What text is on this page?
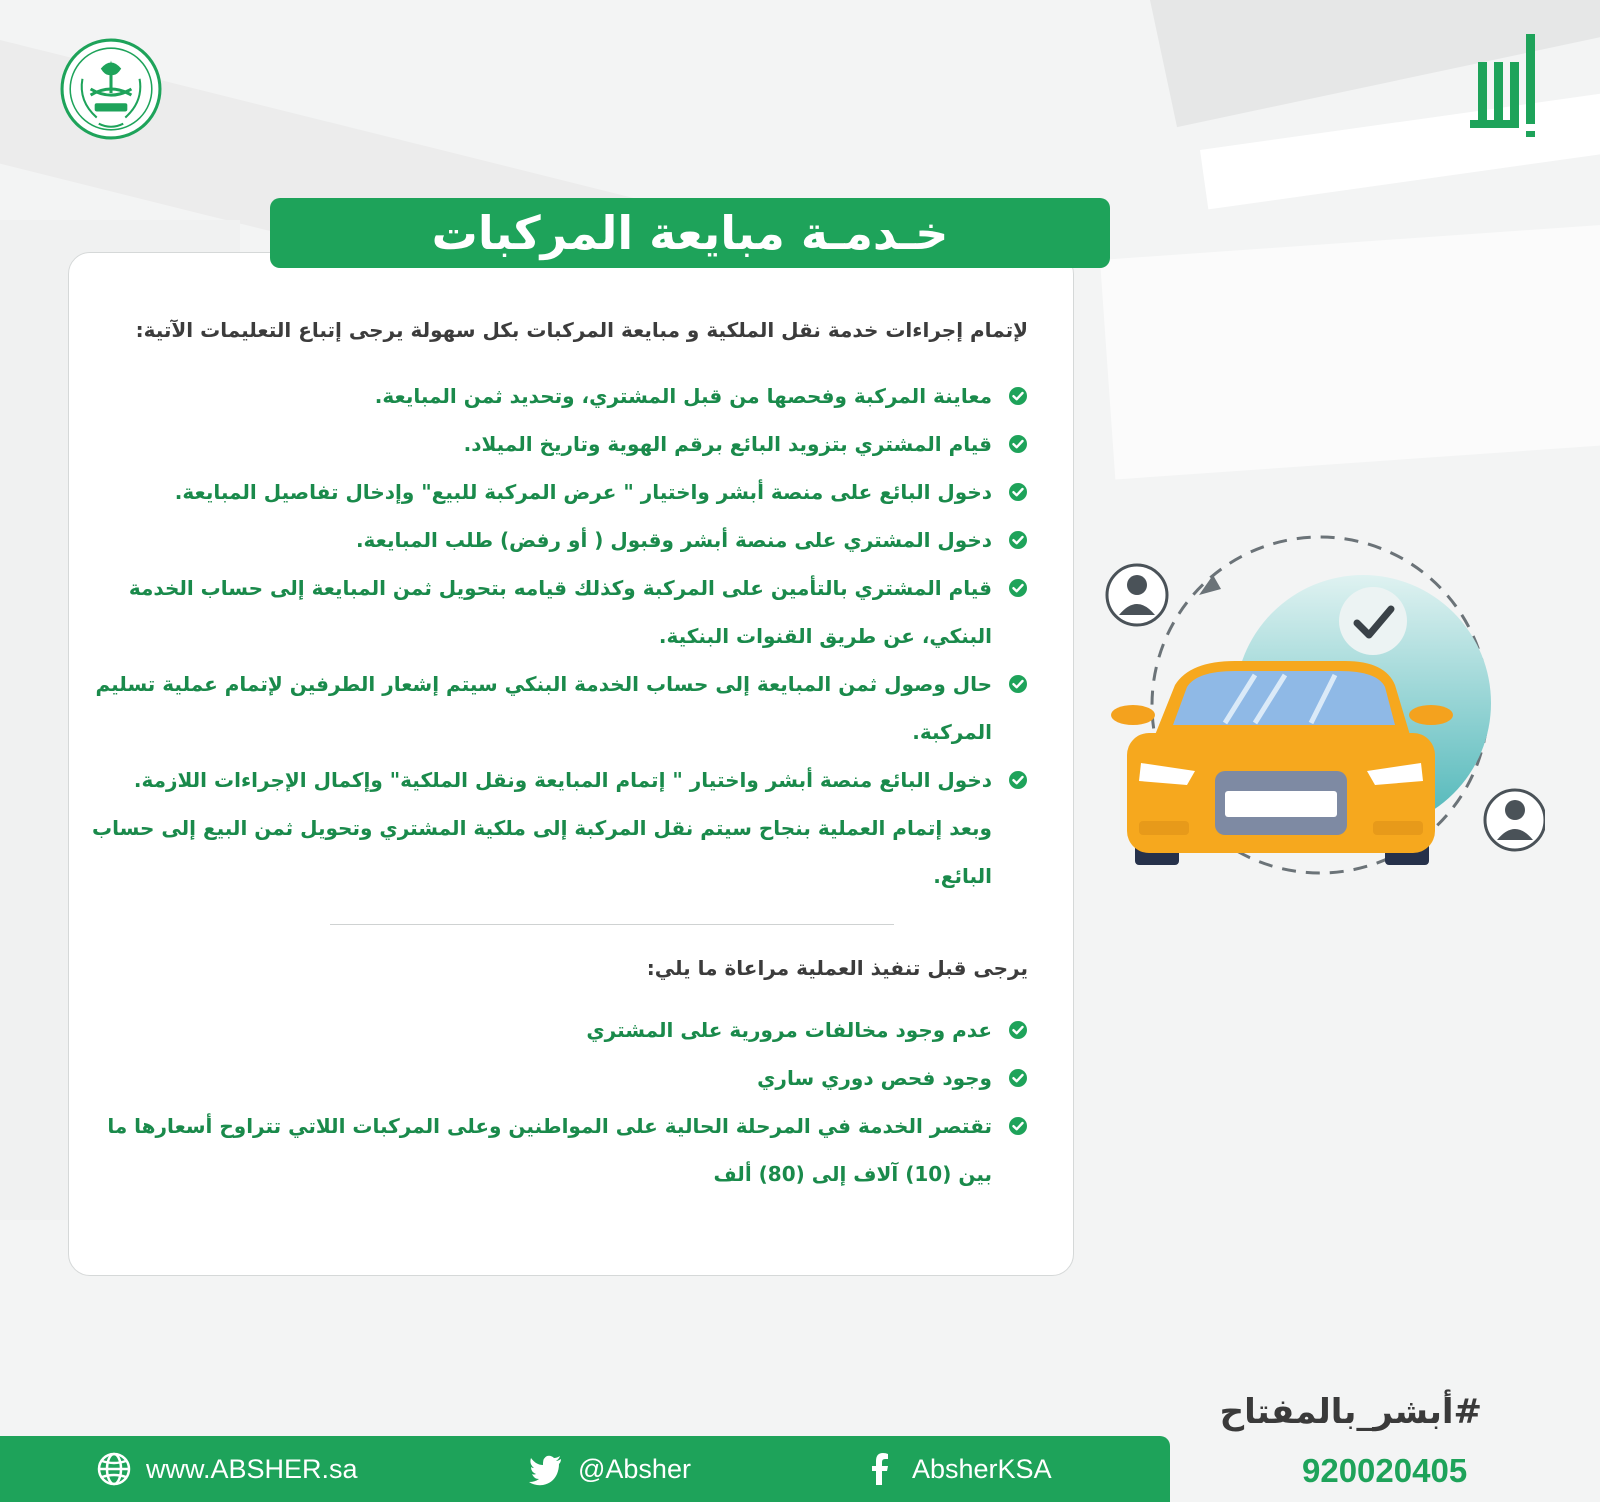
خـدمـة مبايعة المركبات
لإتمام إجراءات خدمة نقل الملكية و مبايعة المركبات بكل سهولة يرجى إتباع التعليمات الآتية:
معاينة المركبة وفحصها من قبل المشتري، وتحديد ثمن المبايعة.
قيام المشتري بتزويد البائع برقم الهوية وتاريخ الميلاد.
دخول البائع على منصة أبشر واختيار " عرض المركبة للبيع" وإدخال تفاصيل المبايعة.
دخول المشتري على منصة أبشر وقبول ( أو رفض) طلب المبايعة.
قيام المشتري بالتأمين على المركبة وكذلك قيامه بتحويل ثمن المبايعة إلى حساب الخدمة البنكي، عن طريق القنوات البنكية.
حال وصول ثمن المبايعة إلى حساب الخدمة البنكي سيتم إشعار الطرفين لإتمام عملية تسليم المركبة.
دخول البائع منصة أبشر واختيار " إتمام المبايعة ونقل الملكية" وإكمال الإجراءات اللازمة.
وبعد إتمام العملية بنجاح سيتم نقل المركبة إلى ملكية المشتري وتحويل ثمن البيع إلى حساب البائع.
يرجى قبل تنفيذ العملية مراعاة ما يلي:
عدم وجود مخالفات مرورية على المشتري
وجود فحص دوري ساري
تقتصر الخدمة في المرحلة الحالية على المواطنين وعلى المركبات اللاتي تتراوح أسعارها ما بين (10) آلاف إلى (80) ألف
#أبشر_بالمفتاح
920020405
www.ABSHER.sa	@Absher	AbsherKSA
